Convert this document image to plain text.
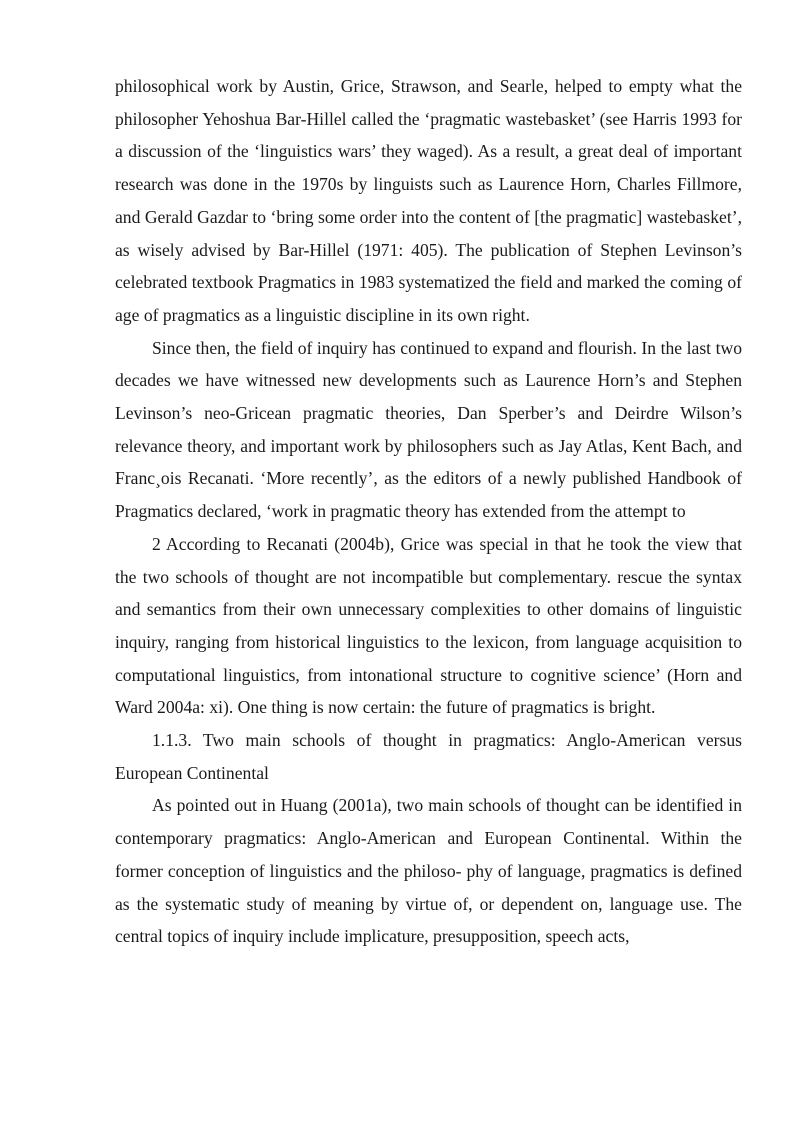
philosophical work by Austin, Grice, Strawson, and Searle, helped to empty what the philosopher Yehoshua Bar-Hillel called the ‘pragmatic wastebasket’ (see Harris 1993 for a discussion of the ‘linguistics wars’ they waged). As a result, a great deal of important research was done in the 1970s by linguists such as Laurence Horn, Charles Fillmore, and Gerald Gazdar to ‘bring some order into the content of [the pragmatic] wastebasket’, as wisely advised by Bar-Hillel (1971: 405). The publication of Stephen Levinson’s celebrated textbook Pragmatics in 1983 systematized the field and marked the coming of age of pragmatics as a linguistic discipline in its own right.

Since then, the field of inquiry has continued to expand and flourish. In the last two decades we have witnessed new developments such as Laurence Horn’s and Stephen Levinson’s neo-Gricean pragmatic theories, Dan Sperber’s and Deirdre Wilson’s relevance theory, and important work by philosophers such as Jay Atlas, Kent Bach, and Franc¸ois Recanati. ‘More recently’, as the editors of a newly published Handbook of Pragmatics declared, ‘work in pragmatic theory has extended from the attempt to

2 According to Recanati (2004b), Grice was special in that he took the view that the two schools of thought are not incompatible but complementary. rescue the syntax and semantics from their own unnecessary complexities to other domains of linguistic inquiry, ranging from historical linguistics to the lexicon, from language acquisition to computational linguistics, from intonational structure to cognitive science’ (Horn and Ward 2004a: xi). One thing is now certain: the future of pragmatics is bright.

1.1.3. Two main schools of thought in pragmatics: Anglo-American versus European Continental

As pointed out in Huang (2001a), two main schools of thought can be identified in contemporary pragmatics: Anglo-American and European Continental. Within the former conception of linguistics and the philoso- phy of language, pragmatics is defined as the systematic study of meaning by virtue of, or dependent on, language use. The central topics of inquiry include implicature, presupposition, speech acts,
